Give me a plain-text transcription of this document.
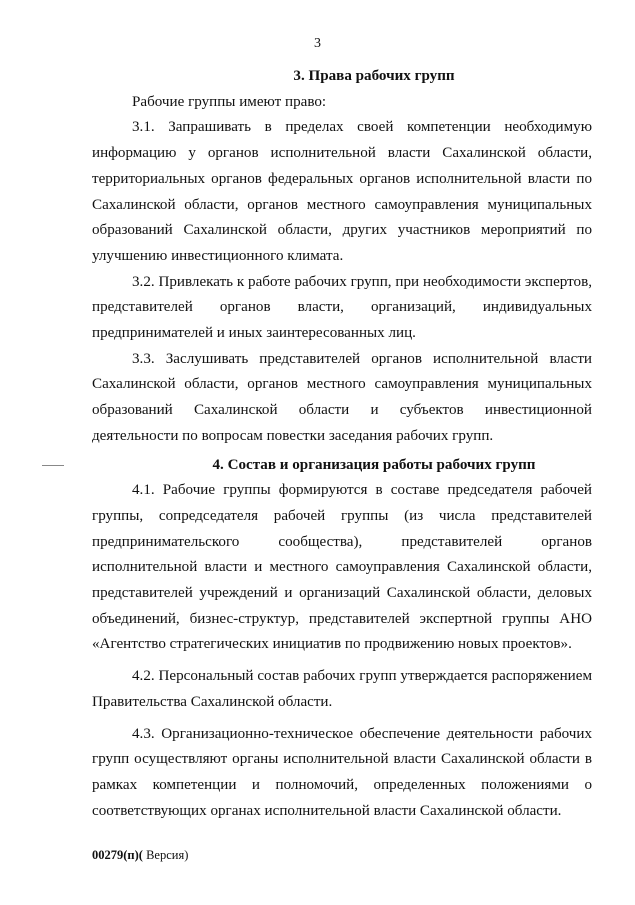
3

3. Права рабочих групп

Рабочие группы имеют право:

3.1. Запрашивать в пределах своей компетенции необходимую информацию у органов исполнительной власти Сахалинской области, территориальных органов федеральных органов исполнительной власти по Сахалинской области, органов местного самоуправления муниципальных образований Сахалинской области, других участников мероприятий по улучшению инвестиционного климата.

3.2. Привлекать к работе рабочих групп, при необходимости экспертов, представителей органов власти, организаций, индивидуальных предпринимателей и иных заинтересованных лиц.

3.3. Заслушивать представителей органов исполнительной власти Сахалинской области, органов местного самоуправления муниципальных образований Сахалинской области и субъектов инвестиционной деятельности по вопросам повестки заседания рабочих групп.

4. Состав и организация работы рабочих групп

4.1. Рабочие группы формируются в составе председателя рабочей группы, сопредседателя рабочей группы (из числа представителей предпринимательского сообщества), представителей органов исполнительной власти и местного самоуправления Сахалинской области, представителей учреждений и организаций Сахалинской области, деловых объединений, бизнес-структур, представителей экспертной группы АНО «Агентство стратегических инициатив по продвижению новых проектов».

4.2. Персональный состав рабочих групп утверждается распоряжением Правительства Сахалинской области.

4.3. Организационно-техническое обеспечение деятельности рабочих групп осуществляют органы исполнительной власти Сахалинской области в рамках компетенции и полномочий, определенных положениями о соответствующих органах исполнительной власти Сахалинской области.

00279(п)( Версия)
